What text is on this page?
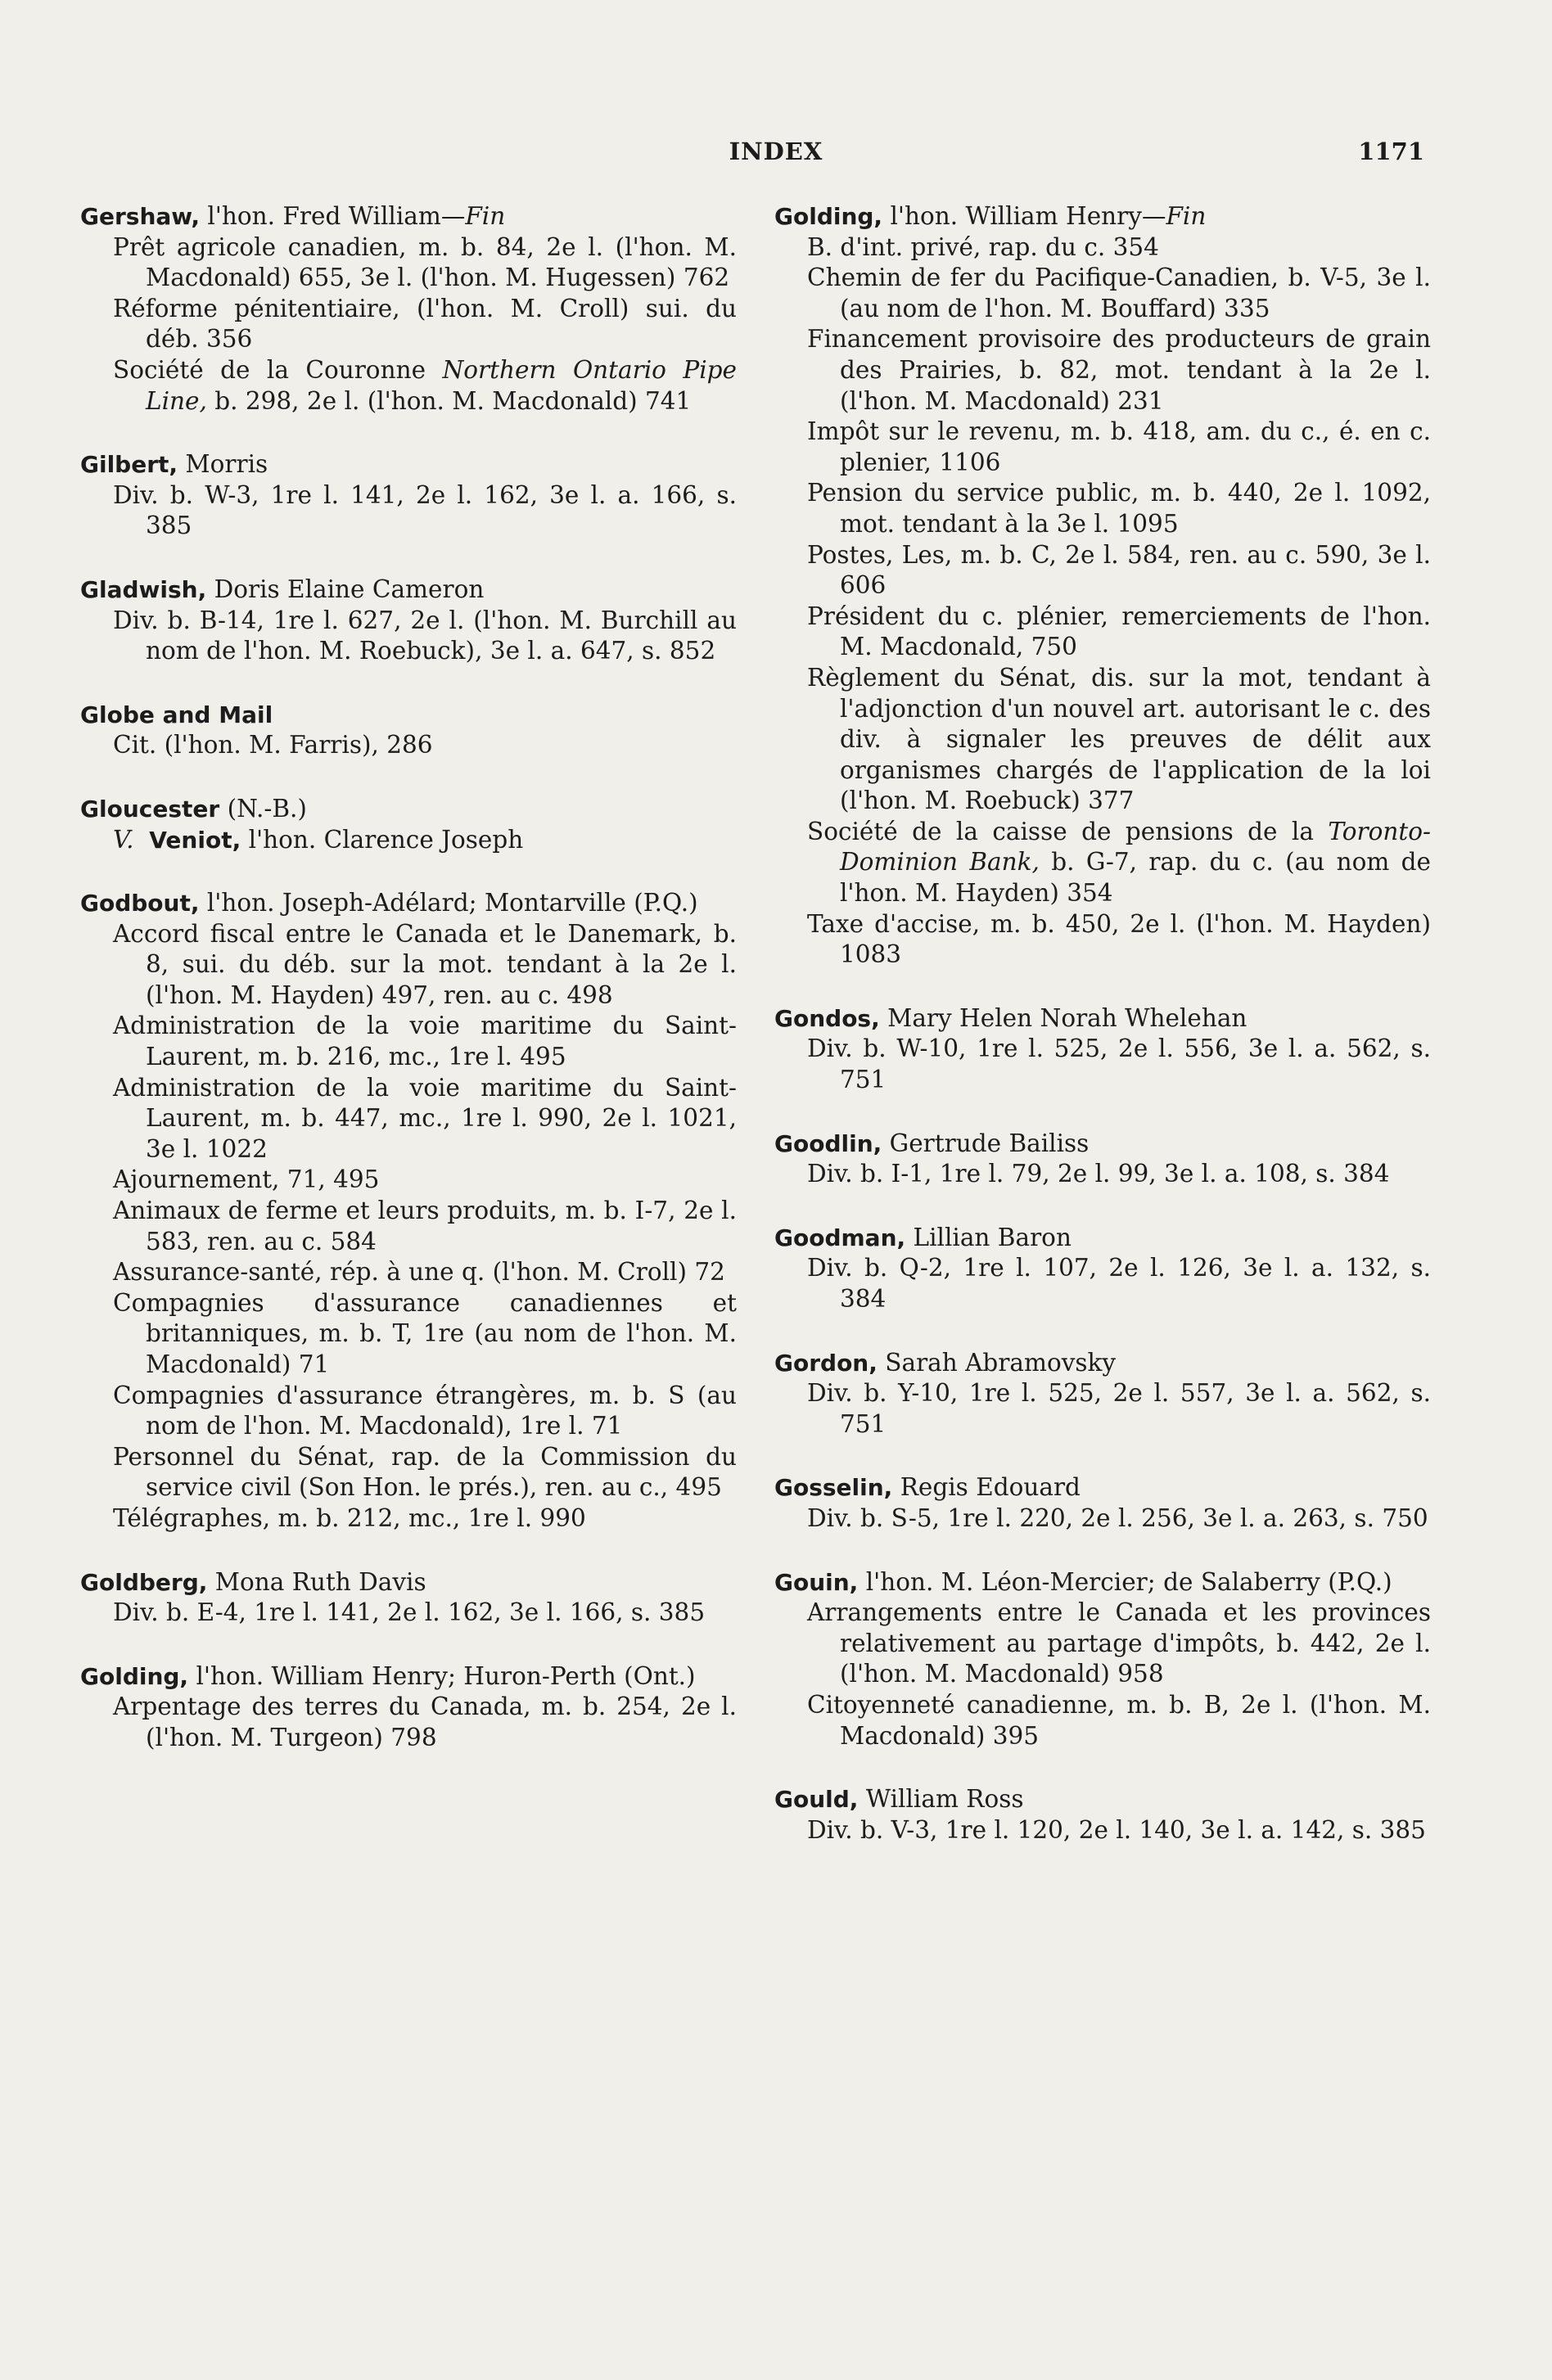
INDEX	1171
Gershaw, l'hon. Fred William—Fin
Prêt agricole canadien, m. b. 84, 2e l. (l'hon. M. Macdonald) 655, 3e l. (l'hon. M. Hugessen) 762
Réforme pénitentiaire, (l'hon. M. Croll) sui. du déb. 356
Société de la Couronne Northern Ontario Pipe Line, b. 298, 2e l. (l'hon. M. Macdonald) 741
Gilbert, Morris
Div. b. W-3, 1re l. 141, 2e l. 162, 3e l. a. 166, s. 385
Gladwish, Doris Elaine Cameron
Div. b. B-14, 1re l. 627, 2e l. (l'hon. M. Burchill au nom de l'hon. M. Roebuck), 3e l. a. 647, s. 852
Globe and Mail
Cit. (l'hon. M. Farris), 286
Gloucester (N.-B.)
V. Veniot, l'hon. Clarence Joseph
Godbout, l'hon. Joseph-Adélard; Montarville (P.Q.)
Accord fiscal entre le Canada et le Danemark, b. 8, sui. du déb. sur la mot. tendant à la 2e l. (l'hon. M. Hayden) 497, ren. au c. 498
Administration de la voie maritime du Saint-Laurent, m. b. 216, mc., 1re l. 495
Administration de la voie maritime du Saint-Laurent, m. b. 447, mc., 1re l. 990, 2e l. 1021, 3e l. 1022
Ajournement, 71, 495
Animaux de ferme et leurs produits, m. b. I-7, 2e l. 583, ren. au c. 584
Assurance-santé, rép. à une q. (l'hon. M. Croll) 72
Compagnies d'assurance canadiennes et britanniques, m. b. T, 1re (au nom de l'hon. M. Macdonald) 71
Compagnies d'assurance étrangères, m. b. S (au nom de l'hon. M. Macdonald), 1re l. 71
Personnel du Sénat, rap. de la Commission du service civil (Son Hon. le prés.), ren. au c., 495
Télégraphes, m. b. 212, mc., 1re l. 990
Goldberg, Mona Ruth Davis
Div. b. E-4, 1re l. 141, 2e l. 162, 3e l. 166, s. 385
Golding, l'hon. William Henry; Huron-Perth (Ont.)
Arpentage des terres du Canada, m. b. 254, 2e l. (l'hon. M. Turgeon) 798
Golding, l'hon. William Henry—Fin
B. d'int. privé, rap. du c. 354
Chemin de fer du Pacifique-Canadien, b. V-5, 3e l. (au nom de l'hon. M. Bouffard) 335
Financement provisoire des producteurs de grain des Prairies, b. 82, mot. tendant à la 2e l. (l'hon. M. Macdonald) 231
Impôt sur le revenu, m. b. 418, am. du c., é. en c. plenier, 1106
Pension du service public, m. b. 440, 2e l. 1092, mot. tendant à la 3e l. 1095
Postes, Les, m. b. C, 2e l. 584, ren. au c. 590, 3e l. 606
Président du c. plénier, remerciements de l'hon. M. Macdonald, 750
Règlement du Sénat, dis. sur la mot, tendant à l'adjonction d'un nouvel art. autorisant le c. des div. à signaler les preuves de délit aux organismes chargés de l'application de la loi (l'hon. M. Roebuck) 377
Société de la caisse de pensions de la Toronto-Dominion Bank, b. G-7, rap. du c. (au nom de l'hon. M. Hayden) 354
Taxe d'accise, m. b. 450, 2e l. (l'hon. M. Hayden) 1083
Gondos, Mary Helen Norah Whelehan
Div. b. W-10, 1re l. 525, 2e l. 556, 3e l. a. 562, s. 751
Goodlin, Gertrude Bailiss
Div. b. I-1, 1re l. 79, 2e l. 99, 3e l. a. 108, s. 384
Goodman, Lillian Baron
Div. b. Q-2, 1re l. 107, 2e l. 126, 3e l. a. 132, s. 384
Gordon, Sarah Abramovsky
Div. b. Y-10, 1re l. 525, 2e l. 557, 3e l. a. 562, s. 751
Gosselin, Regis Edouard
Div. b. S-5, 1re l. 220, 2e l. 256, 3e l. a. 263, s. 750
Gouin, l'hon. M. Léon-Mercier; de Salaberry (P.Q.)
Arrangements entre le Canada et les provinces relativement au partage d'impôts, b. 442, 2e l. (l'hon. M. Macdonald) 958
Citoyenneté canadienne, m. b. B, 2e l. (l'hon. M. Macdonald) 395
Gould, William Ross
Div. b. V-3, 1re l. 120, 2e l. 140, 3e l. a. 142, s. 385
